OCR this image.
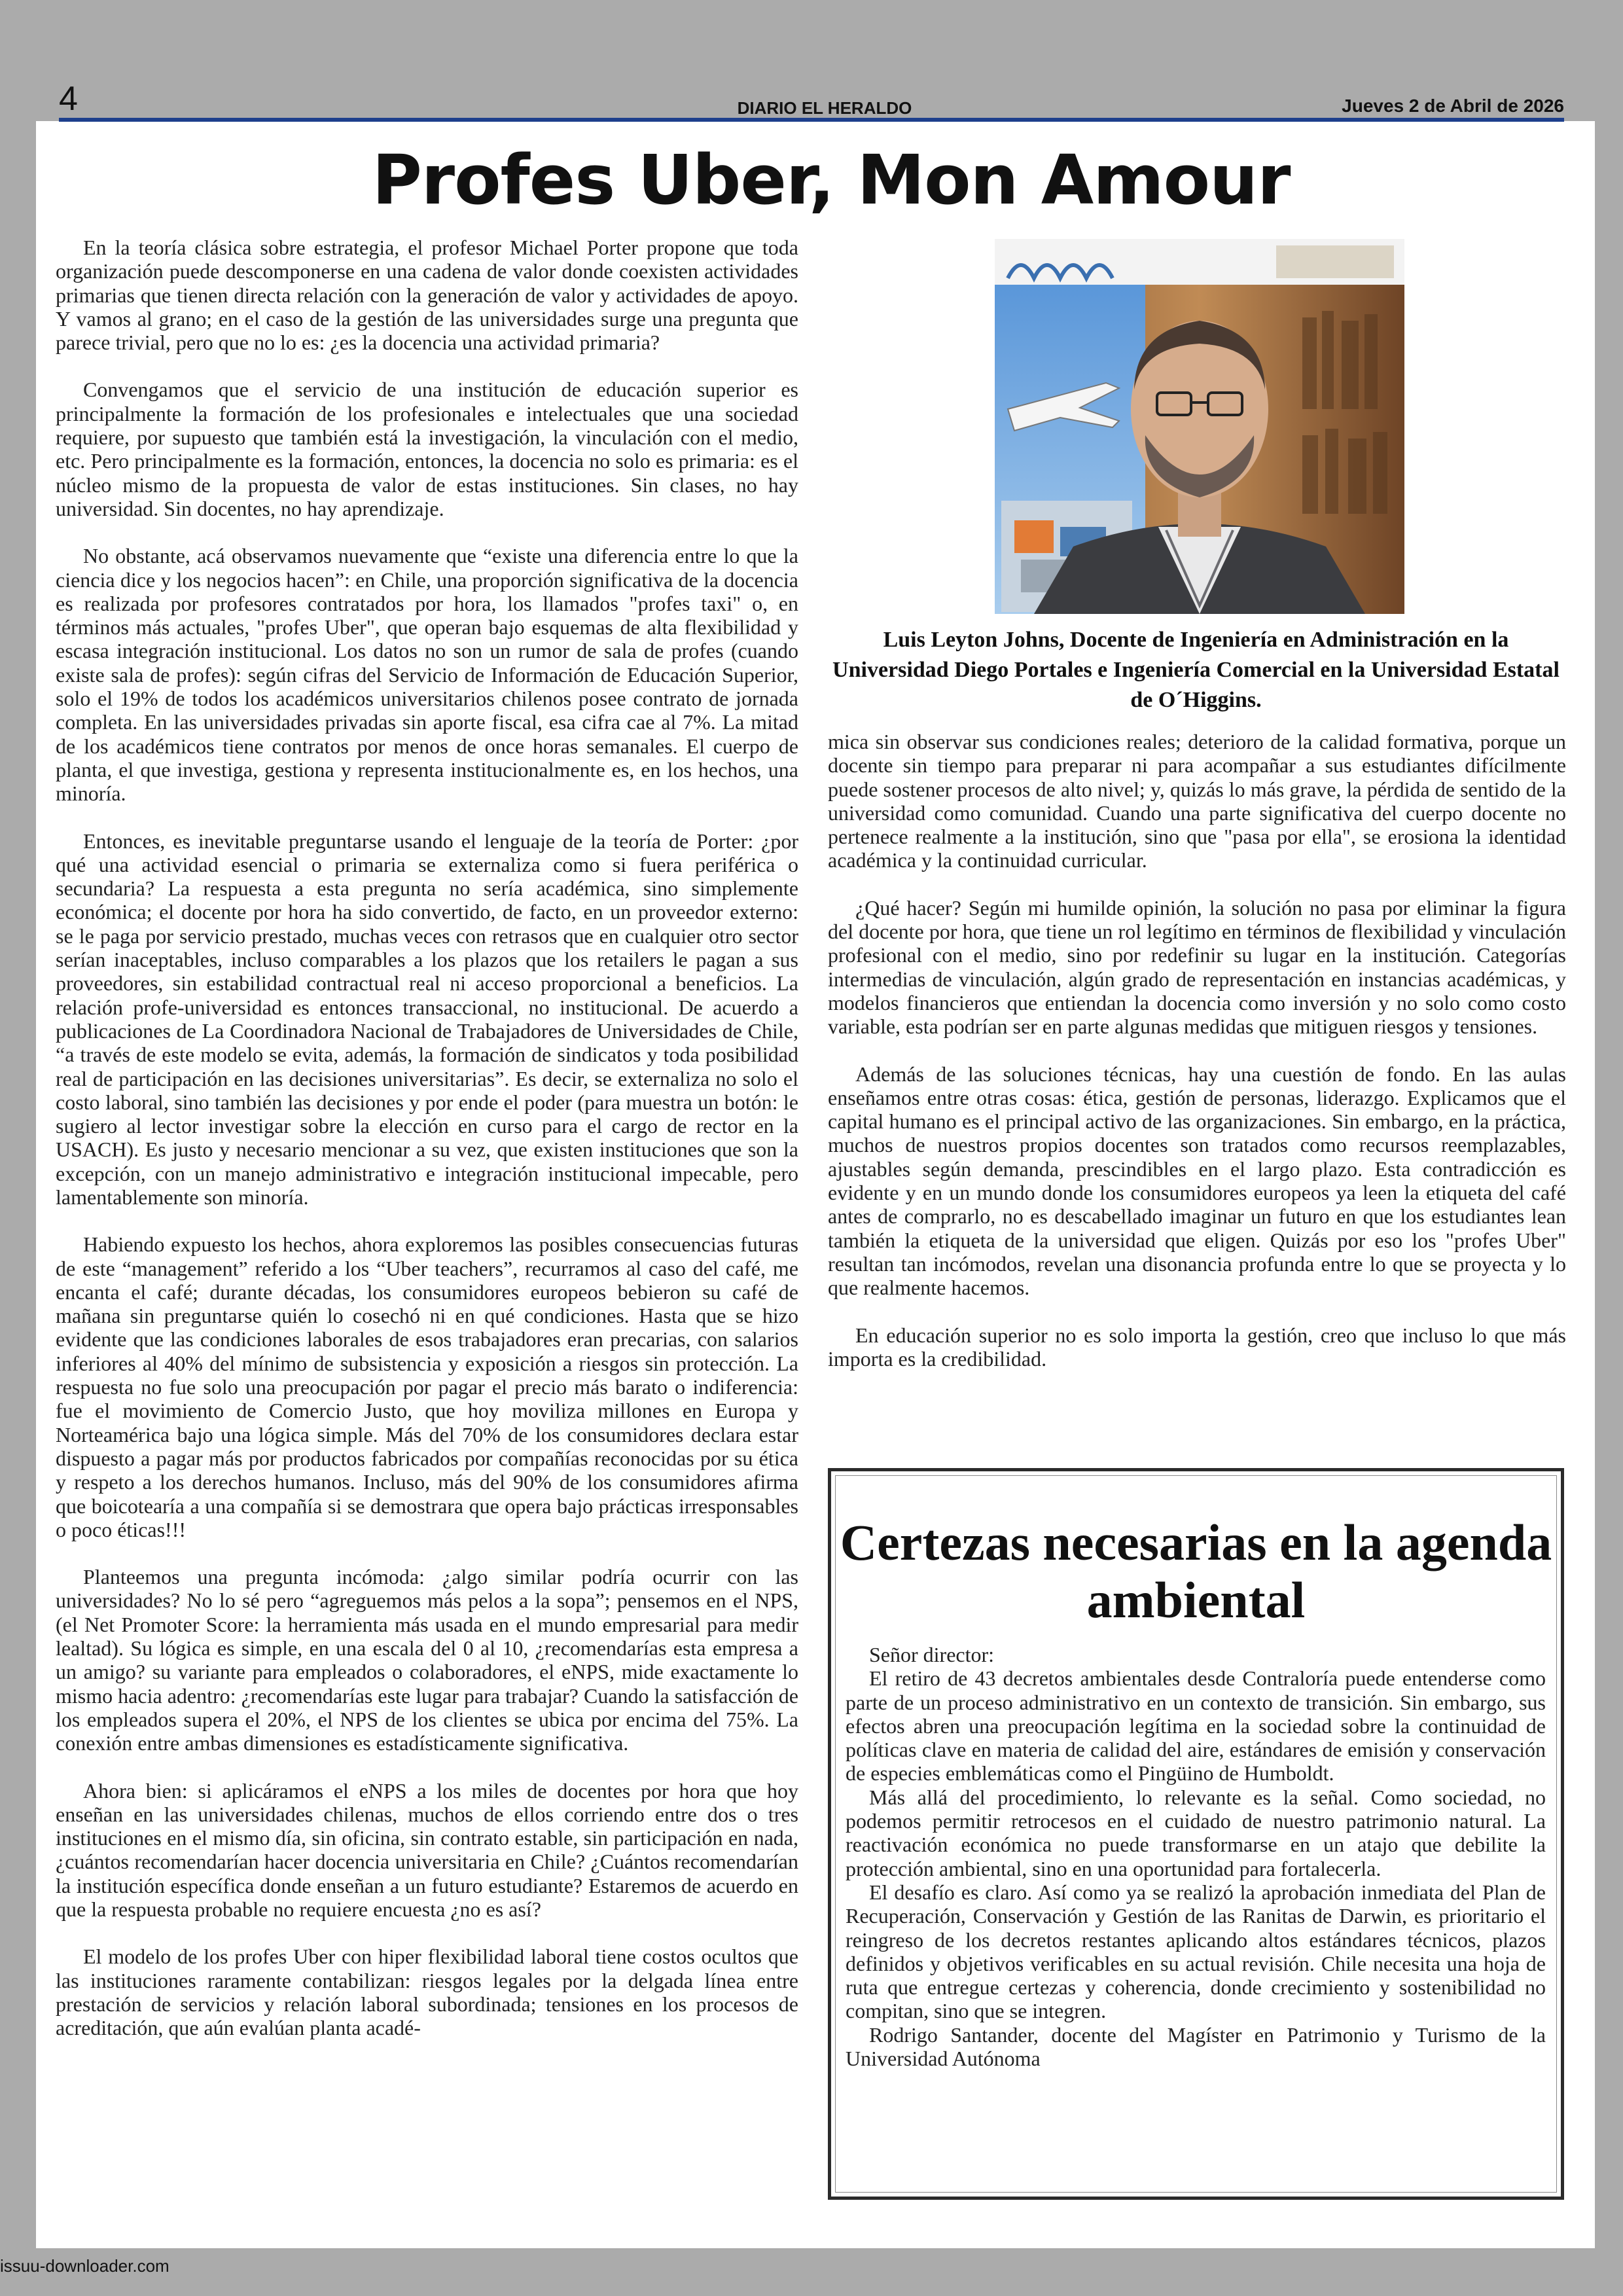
4	DIARIO EL HERALDO	Jueves 2 de Abril de 2026
Profes Uber, Mon Amour

En la teoría clásica sobre estrategia, el profesor Michael Porter propone que toda organización puede descomponerse en una cadena de valor donde coexisten actividades primarias que tienen directa relación con la generación de valor y actividades de apoyo. Y vamos al grano; en el caso de la gestión de las universidades surge una pregunta que parece trivial, pero que no lo es: ¿es la docencia una actividad primaria?

Convengamos que el servicio de una institución de educación superior es principalmente la formación de los profesionales e intelectuales que una sociedad requiere, por supuesto que también está la investigación, la vinculación con el medio, etc. Pero principalmente es la formación, entonces, la docencia no solo es primaria: es el núcleo mismo de la propuesta de valor de estas instituciones. Sin clases, no hay universidad. Sin docentes, no hay aprendizaje.

No obstante, acá observamos nuevamente que “existe una diferencia entre lo que la ciencia dice y los negocios hacen”: en Chile, una proporción significativa de la docencia es realizada por profesores contratados por hora, los llamados "profes taxi" o, en términos más actuales, "profes Uber", que operan bajo esquemas de alta flexibilidad y escasa integración institucional. Los datos no son un rumor de sala de profes (cuando existe sala de profes): según cifras del Servicio de Información de Educación Superior, solo el 19% de todos los académicos universitarios chilenos posee contrato de jornada completa. En las universidades privadas sin aporte fiscal, esa cifra cae al 7%. La mitad de los académicos tiene contratos por menos de once horas semanales. El cuerpo de planta, el que investiga, gestiona y representa institucionalmente es, en los hechos, una minoría.

Entonces, es inevitable preguntarse usando el lenguaje de la teoría de Porter: ¿por qué una actividad esencial o primaria se externaliza como si fuera periférica o secundaria? La respuesta a esta pregunta no sería académica, sino simplemente económica; el docente por hora ha sido convertido, de facto, en un proveedor externo: se le paga por servicio prestado, muchas veces con retrasos que en cualquier otro sector serían inaceptables, incluso comparables a los plazos que los retailers le pagan a sus proveedores, sin estabilidad contractual real ni acceso proporcional a beneficios. La relación profe-universidad es entonces transaccional, no institucional. De acuerdo a publicaciones de La Coordinadora Nacional de Trabajadores de Universidades de Chile, “a través de este modelo se evita, además, la formación de sindicatos y toda posibilidad real de participación en las decisiones universitarias”. Es decir, se externaliza no solo el costo laboral, sino también las decisiones y por ende el poder (para muestra un botón: le sugiero al lector investigar sobre la elección en curso para el cargo de rector en la USACH). Es justo y necesario mencionar a su vez, que existen instituciones que son la excepción, con un manejo administrativo e integración institucional impecable, pero lamentablemente son minoría.

Habiendo expuesto los hechos, ahora exploremos las posibles consecuencias futuras de este “management” referido a los “Uber teachers”, recurramos al caso del café, me encanta el café; durante décadas, los consumidores europeos bebieron su café de mañana sin preguntarse quién lo cosechó ni en qué condiciones. Hasta que se hizo evidente que las condiciones laborales de esos trabajadores eran precarias, con salarios inferiores al 40% del mínimo de subsistencia y exposición a riesgos sin protección. La respuesta no fue solo una preocupación por pagar el precio más barato o indiferencia: fue el movimiento de Comercio Justo, que hoy moviliza millones en Europa y Norteamérica bajo una lógica simple. Más del 70% de los consumidores declara estar dispuesto a pagar más por productos fabricados por compañías reconocidas por su ética y respeto a los derechos humanos. Incluso, más del 90% de los consumidores afirma que boicotearía a una compañía si se demostrara que opera bajo prácticas irresponsables o poco éticas!!!

Planteemos una pregunta incómoda: ¿algo similar podría ocurrir con las universidades? No lo sé pero “agreguemos más pelos a la sopa”; pensemos en el NPS, (el Net Promoter Score: la herramienta más usada en el mundo empresarial para medir lealtad). Su lógica es simple, en una escala del 0 al 10, ¿recomendarías esta empresa a un amigo? su variante para empleados o colaboradores, el eNPS, mide exactamente lo mismo hacia adentro: ¿recomendarías este lugar para trabajar? Cuando la satisfacción de los empleados supera el 20%, el NPS de los clientes se ubica por encima del 75%. La conexión entre ambas dimensiones es estadísticamente significativa.

Ahora bien: si aplicáramos el eNPS a los miles de docentes por hora que hoy enseñan en las universidades chilenas, muchos de ellos corriendo entre dos o tres instituciones en el mismo día, sin oficina, sin contrato estable, sin participación en nada, ¿cuántos recomendarían hacer docencia universitaria en Chile? ¿Cuántos recomendarían la institución específica donde enseñan a un futuro estudiante? Estaremos de acuerdo en que la respuesta probable no requiere encuesta ¿no es así?

El modelo de los profes Uber con hiper flexibilidad laboral tiene costos ocultos que las instituciones raramente contabilizan: riesgos legales por la delgada línea entre prestación de servicios y relación laboral subordinada; tensiones en los procesos de acreditación, que aún evalúan planta acadé-

Luis Leyton Johns, Docente de Ingeniería en Administración en la Universidad Diego Portales e Ingeniería Comercial en la Universidad Estatal de O´Higgins.

mica sin observar sus condiciones reales; deterioro de la calidad formativa, porque un docente sin tiempo para preparar ni para acompañar a sus estudiantes difícilmente puede sostener procesos de alto nivel; y, quizás lo más grave, la pérdida de sentido de la universidad como comunidad. Cuando una parte significativa del cuerpo docente no pertenece realmente a la institución, sino que "pasa por ella", se erosiona la identidad académica y la continuidad curricular.

¿Qué hacer? Según mi humilde opinión, la solución no pasa por eliminar la figura del docente por hora, que tiene un rol legítimo en términos de flexibilidad y vinculación profesional con el medio, sino por redefinir su lugar en la institución. Categorías intermedias de vinculación, algún grado de representación en instancias académicas, y modelos financieros que entiendan la docencia como inversión y no solo como costo variable, esta podrían ser en parte algunas medidas que mitiguen riesgos y tensiones.

Además de las soluciones técnicas, hay una cuestión de fondo. En las aulas enseñamos entre otras cosas: ética, gestión de personas, liderazgo. Explicamos que el capital humano es el principal activo de las organizaciones. Sin embargo, en la práctica, muchos de nuestros propios docentes son tratados como recursos reemplazables, ajustables según demanda, prescindibles en el largo plazo. Esta contradicción es evidente y en un mundo donde los consumidores europeos ya leen la etiqueta del café antes de comprarlo, no es descabellado imaginar un futuro en que los estudiantes lean también la etiqueta de la universidad que eligen. Quizás por eso los "profes Uber" resultan tan incómodos, revelan una disonancia profunda entre lo que se proyecta y lo que realmente hacemos.

En educación superior no es solo importa la gestión, creo que incluso lo que más importa es la credibilidad.

Certezas necesarias en la agenda ambiental

Señor director:

El retiro de 43 decretos ambientales desde Contraloría puede entenderse como parte de un proceso administrativo en un contexto de transición. Sin embargo, sus efectos abren una preocupación legítima en la sociedad sobre la continuidad de políticas clave en materia de calidad del aire, estándares de emisión y conservación de especies emblemáticas como el Pingüino de Humboldt.

Más allá del procedimiento, lo relevante es la señal. Como sociedad, no podemos permitir retrocesos en el cuidado de nuestro patrimonio natural. La reactivación económica no puede transformarse en un atajo que debilite la protección ambiental, sino en una oportunidad para fortalecerla.

El desafío es claro. Así como ya se realizó la aprobación inmediata del Plan de Recuperación, Conservación y Gestión de las Ranitas de Darwin, es prioritario el reingreso de los decretos restantes aplicando altos estándares técnicos, plazos definidos y objetivos verificables en su actual revisión. Chile necesita una hoja de ruta que entregue certezas y coherencia, donde crecimiento y sostenibilidad no compitan, sino que se integren.

Rodrigo Santander, docente del Magíster en Patrimonio y Turismo de la Universidad Autónoma

issuu-downloader.com
